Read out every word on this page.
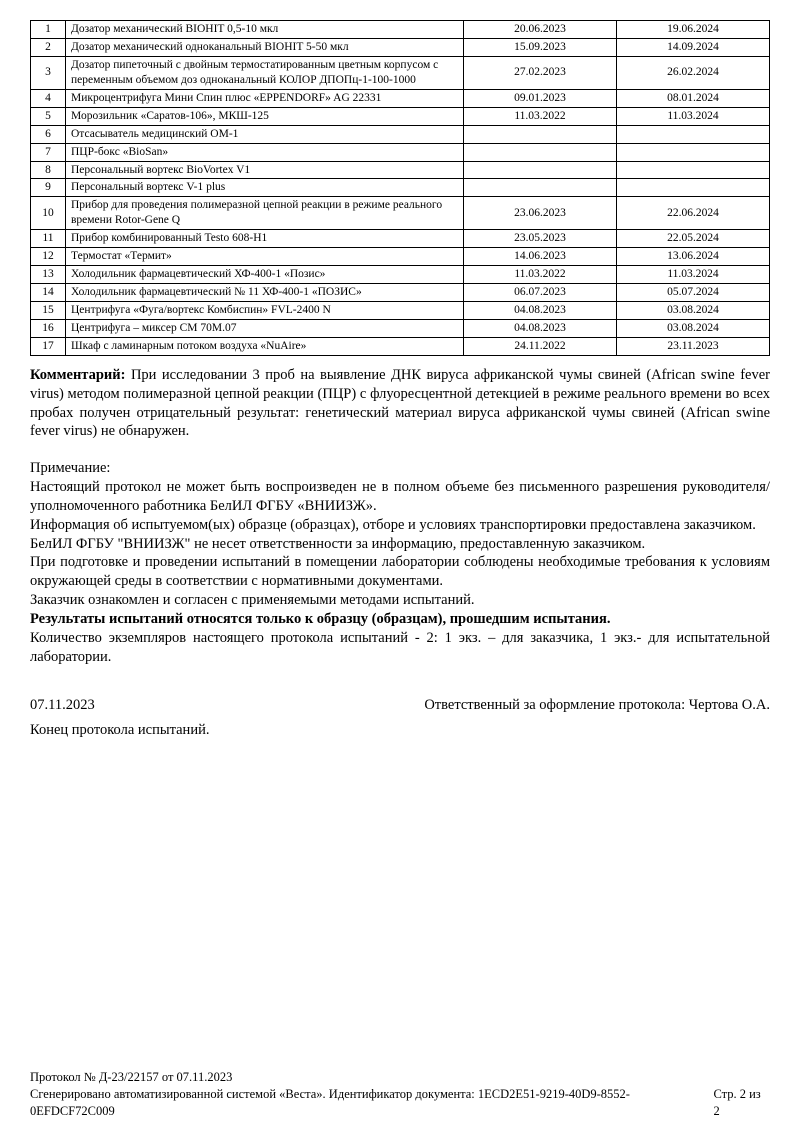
1	Дозатор механический BIOHIT 0,5-10 мкл	20.06.2023	19.06.2024
2	Дозатор механический одноканальный BIOHIT 5-50 мкл	15.09.2023	14.09.2024
3	Дозатор пипеточный с двойным термостатированным цветным корпусом с переменным объемом доз одноканальный КОЛОР ДПОПц-1-100-1000	27.02.2023	26.02.2024
4	Микроцентрифуга Мини Спин плюс «EPPENDORF» AG 22331	09.01.2023	08.01.2024
5	Морозильник «Саратов-106», МКШ-125	11.03.2022	11.03.2024
6	Отсасыватель медицинский ОМ-1		
7	ПЦР-бокс «BioSan»		
8	Персональный вортекс BioVortex V1		
9	Персональный вортекс V-1 plus		
10	Прибор для проведения полимеразной цепной реакции в режиме реального времени Rotor-Gene Q	23.06.2023	22.06.2024
11	Прибор комбинированный Testo 608-H1	23.05.2023	22.05.2024
12	Термостат «Термит»	14.06.2023	13.06.2024
13	Холодильник фармацевтический ХФ-400-1 «Позис»	11.03.2022	11.03.2024
14	Холодильник фармацевтический № 11 ХФ-400-1 «ПОЗИС»	06.07.2023	05.07.2024
15	Центрифуга «Фуга/вортекс Комбиспин» FVL-2400 N	04.08.2023	03.08.2024
16	Центрифуга – миксер СМ 70М.07	04.08.2023	03.08.2024
17	Шкаф с ламинарным потоком воздуха «NuAire»	24.11.2022	23.11.2023

Комментарий: При исследовании 3 проб на выявление ДНК вируса африканской чумы свиней (African swine fever virus) методом полимеразной цепной реакции (ПЦР) с флуоресцентной детекцией в режиме реального времени во всех пробах получен отрицательный результат: генетический материал вируса африканской чумы свиней (African swine fever virus) не обнаружен.

Примечание:

Настоящий протокол не может быть воспроизведен не в полном объеме без письменного разрешения руководителя/уполномоченного работника БелИЛ ФГБУ «ВНИИЗЖ».

Информация об испытуемом(ых) образце (образцах), отборе и условиях транспортировки предоставлена заказчиком.

БелИЛ ФГБУ "ВНИИЗЖ" не несет ответственности за информацию, предоставленную заказчиком.

При подготовке и проведении испытаний в помещении лаборатории соблюдены необходимые требования к условиям окружающей среды в соответствии с нормативными документами.

Заказчик ознакомлен и согласен с применяемыми методами испытаний.

Результаты испытаний относятся только к образцу (образцам), прошедшим испытания.

Количество экземпляров настоящего протокола испытаний - 2: 1 экз. – для заказчика, 1 экз.- для испытательной лаборатории.

07.11.2023	Ответственный за оформление протокола: Чертова О.А.

Конец протокола испытаний.

Протокол № Д-23/22157 от 07.11.2023
Сгенерировано автоматизированной системой «Веста». Идентификатор документа: 1ECD2E51-9219-40D9-8552-0EFDCF72C009
Стр. 2 из 2
